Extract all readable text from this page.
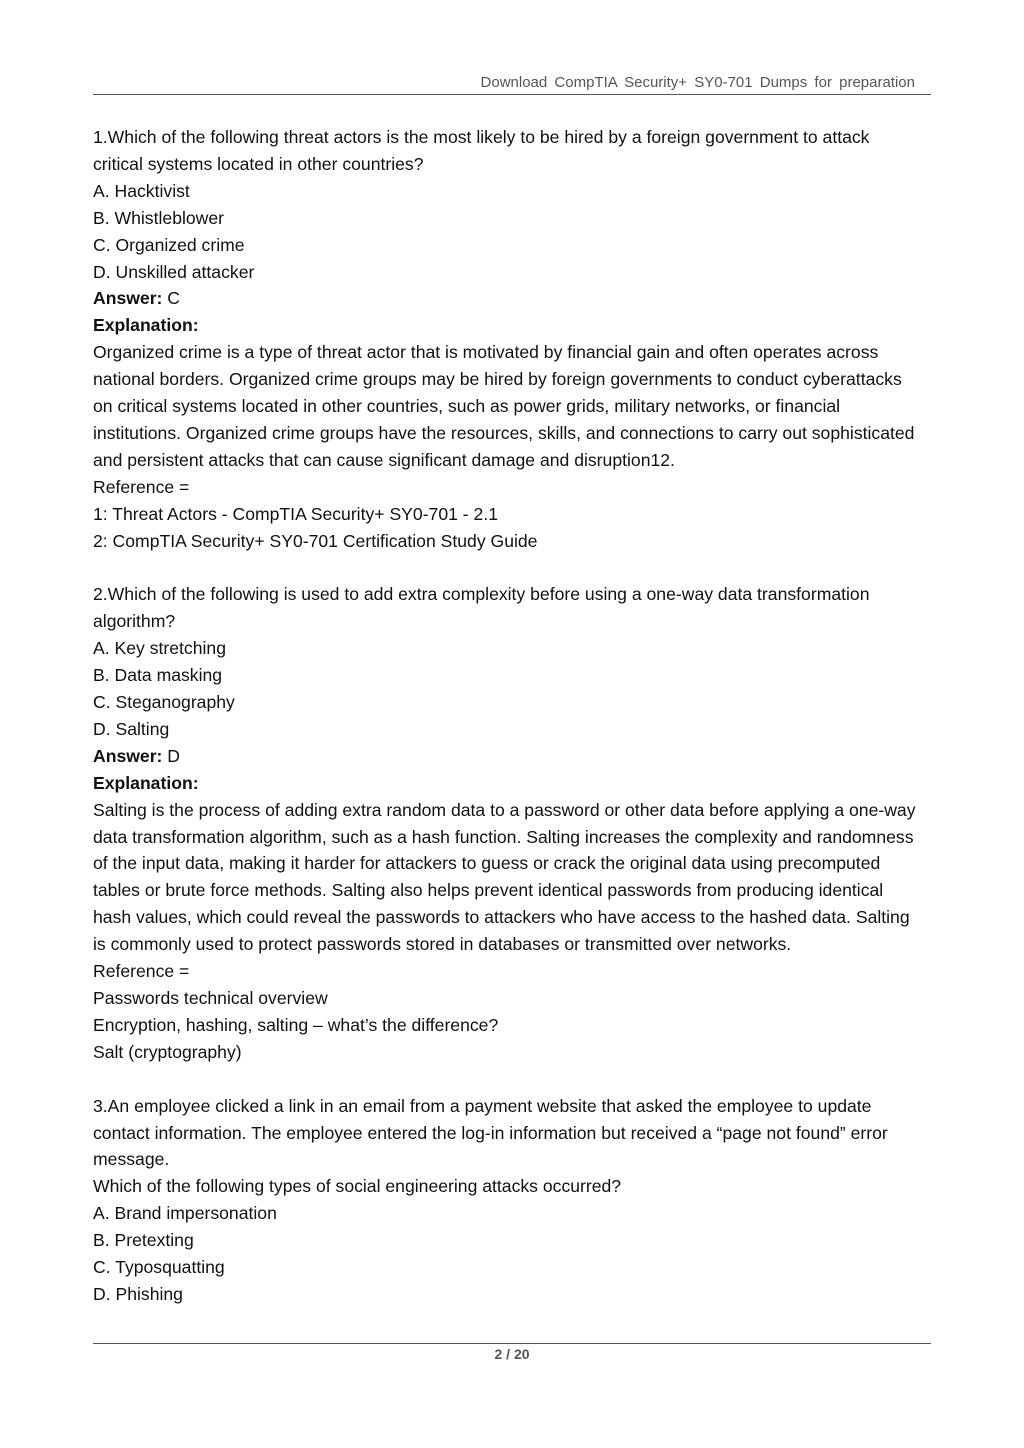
Download CompTIA Security+ SY0-701 Dumps for preparation
1.Which of the following threat actors is the most likely to be hired by a foreign government to attack
critical systems located in other countries?
A. Hacktivist
B. Whistleblower
C. Organized crime
D. Unskilled attacker
Answer: C
Explanation:
Organized crime is a type of threat actor that is motivated by financial gain and often operates across
national borders. Organized crime groups may be hired by foreign governments to conduct cyberattacks
on critical systems located in other countries, such as power grids, military networks, or financial
institutions. Organized crime groups have the resources, skills, and connections to carry out sophisticated
and persistent attacks that can cause significant damage and disruption12.
Reference =
1: Threat Actors - CompTIA Security+ SY0-701 - 2.1
2: CompTIA Security+ SY0-701 Certification Study Guide
2.Which of the following is used to add extra complexity before using a one-way data transformation
algorithm?
A. Key stretching
B. Data masking
C. Steganography
D. Salting
Answer: D
Explanation:
Salting is the process of adding extra random data to a password or other data before applying a one-way
data transformation algorithm, such as a hash function. Salting increases the complexity and randomness
of the input data, making it harder for attackers to guess or crack the original data using precomputed
tables or brute force methods. Salting also helps prevent identical passwords from producing identical
hash values, which could reveal the passwords to attackers who have access to the hashed data. Salting
is commonly used to protect passwords stored in databases or transmitted over networks.
Reference =
Passwords technical overview
Encryption, hashing, salting – what’s the difference?
Salt (cryptography)
3.An employee clicked a link in an email from a payment website that asked the employee to update
contact information. The employee entered the log-in information but received a “page not found” error
message.
Which of the following types of social engineering attacks occurred?
A. Brand impersonation
B. Pretexting
C. Typosquatting
D. Phishing
2 / 20
